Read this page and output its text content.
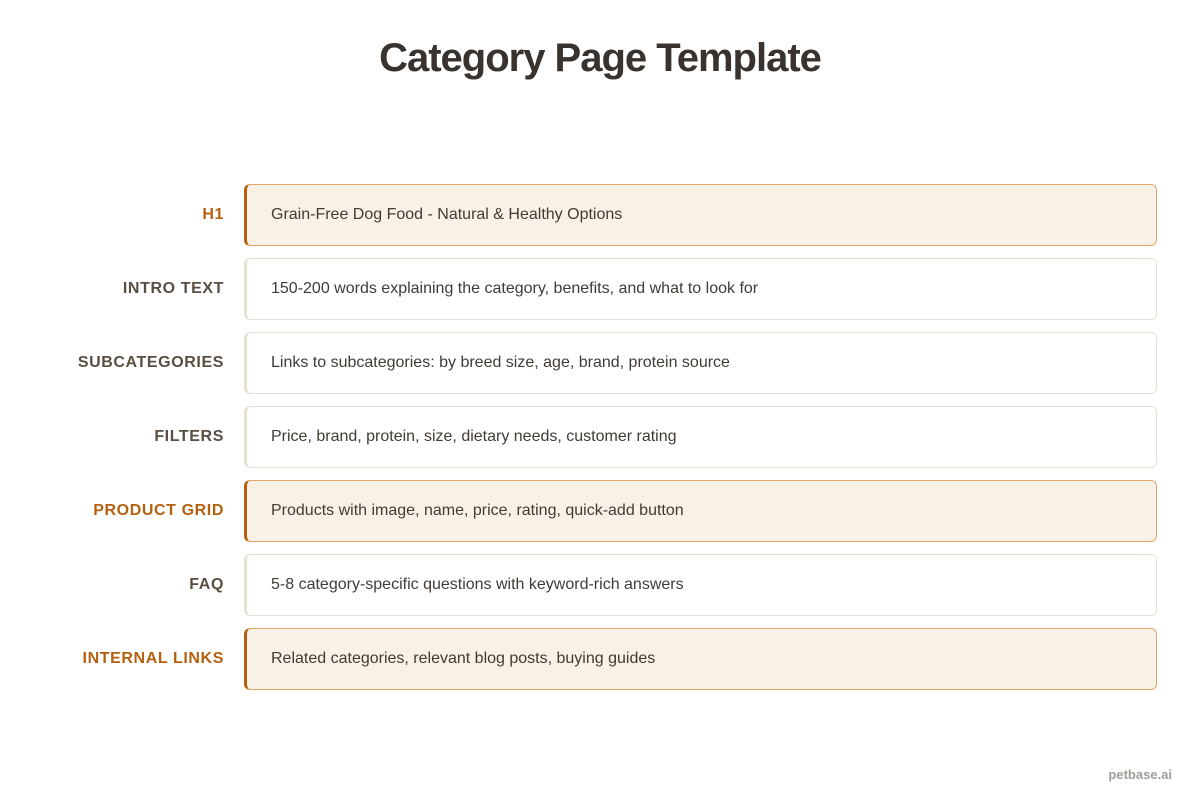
Category Page Template
H1	Grain-Free Dog Food - Natural & Healthy Options
INTRO TEXT	150-200 words explaining the category, benefits, and what to look for
SUBCATEGORIES	Links to subcategories: by breed size, age, brand, protein source
FILTERS	Price, brand, protein, size, dietary needs, customer rating
PRODUCT GRID	Products with image, name, price, rating, quick-add button
FAQ	5-8 category-specific questions with keyword-rich answers
INTERNAL LINKS	Related categories, relevant blog posts, buying guides
petbase.ai
